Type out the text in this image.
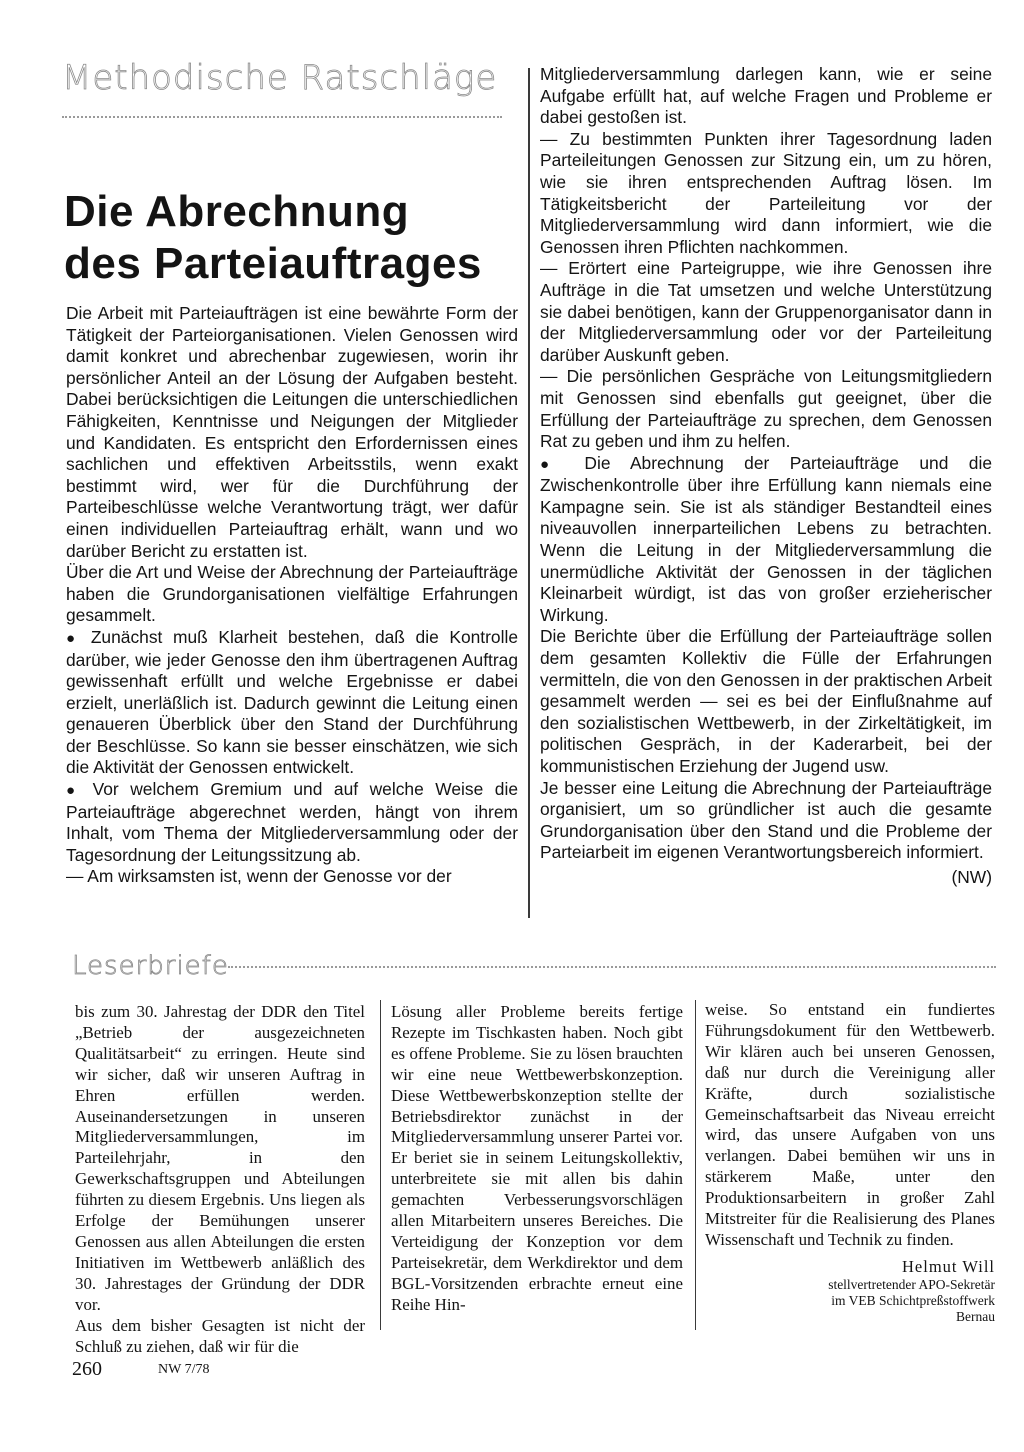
Methodische Ratschläge
Die Abrechnung
des Parteiauftrages

Die Arbeit mit Parteiaufträgen ist eine bewährte Form der Tätigkeit der Parteiorganisationen. Vielen Genossen wird damit konkret und abrechenbar zugewiesen, worin ihr persönlicher Anteil an der Lösung der Aufgaben besteht. Dabei berücksichtigen die Leitungen die unterschiedlichen Fähigkeiten, Kenntnisse und Neigungen der Mitglieder und Kandidaten. Es entspricht den Erfordernissen eines sachlichen und effektiven Arbeitsstils, wenn exakt bestimmt wird, wer für die Durchführung der Parteibeschlüsse welche Verantwortung trägt, wer dafür einen individuellen Parteiauftrag erhält, wann und wo darüber Bericht zu erstatten ist.

Über die Art und Weise der Abrechnung der Parteiaufträge haben die Grundorganisationen vielfältige Erfahrungen gesammelt.

● Zunächst muß Klarheit bestehen, daß die Kontrolle darüber, wie jeder Genosse den ihm übertragenen Auftrag gewissenhaft erfüllt und welche Ergebnisse er dabei erzielt, unerläßlich ist. Dadurch gewinnt die Leitung einen genaueren Überblick über den Stand der Durchführung der Beschlüsse. So kann sie besser einschätzen, wie sich die Aktivität der Genossen entwickelt.

● Vor welchem Gremium und auf welche Weise die Parteiaufträge abgerechnet werden, hängt von ihrem Inhalt, vom Thema der Mitgliederversammlung oder der Tagesordnung der Leitungssitzung ab.

— Am wirksamsten ist, wenn der Genosse vor der

Mitgliederversammlung darlegen kann, wie er seine Aufgabe erfüllt hat, auf welche Fragen und Probleme er dabei gestoßen ist.

— Zu bestimmten Punkten ihrer Tagesordnung laden Parteileitungen Genossen zur Sitzung ein, um zu hören, wie sie ihren entsprechenden Auftrag lösen. Im Tätigkeitsbericht der Parteileitung vor der Mitgliederversammlung wird dann informiert, wie die Genossen ihren Pflichten nachkommen.

— Erörtert eine Parteigruppe, wie ihre Genossen ihre Aufträge in die Tat umsetzen und welche Unterstützung sie dabei benötigen, kann der Gruppenorganisator dann in der Mitgliederversammlung oder vor der Parteileitung darüber Auskunft geben.

— Die persönlichen Gespräche von Leitungsmitgliedern mit Genossen sind ebenfalls gut geeignet, über die Erfüllung der Parteiaufträge zu sprechen, dem Genossen Rat zu geben und ihm zu helfen.

● Die Abrechnung der Parteiaufträge und die Zwischenkontrolle über ihre Erfüllung kann niemals eine Kampagne sein. Sie ist als ständiger Bestandteil eines niveauvollen innerparteilichen Lebens zu betrachten. Wenn die Leitung in der Mitgliederversammlung die unermüdliche Aktivität der Genossen in der täglichen Kleinarbeit würdigt, ist das von großer erzieherischer Wirkung.

Die Berichte über die Erfüllung der Parteiaufträge sollen dem gesamten Kollektiv die Fülle der Erfahrungen vermitteln, die von den Genossen in der praktischen Arbeit gesammelt werden — sei es bei der Einflußnahme auf den sozialistischen Wettbewerb, in der Zirkeltätigkeit, im politischen Gespräch, in der Kaderarbeit, bei der kommunistischen Erziehung der Jugend usw.

Je besser eine Leitung die Abrechnung der Parteiaufträge organisiert, um so gründlicher ist auch die gesamte Grundorganisation über den Stand und die Probleme der Parteiarbeit im eigenen Verantwortungsbereich informiert.

(NW)
Leserbriefe

bis zum 30. Jahrestag der DDR den Titel „Betrieb der ausgezeichneten Qualitätsarbeit“ zu erringen. Heute sind wir sicher, daß wir unseren Auftrag in Ehren erfüllen werden. Auseinandersetzungen in unseren Mitgliederversammlungen, im Parteilehrjahr, in den Gewerkschaftsgruppen und Abteilungen führten zu diesem Ergebnis. Uns liegen als Erfolge der Bemühungen unserer Genossen aus allen Abteilungen die ersten Initiativen im Wettbewerb anläßlich des 30. Jahrestages der Gründung der DDR vor.

Aus dem bisher Gesagten ist nicht der Schluß zu ziehen, daß wir für die

Lösung aller Probleme bereits fertige Rezepte im Tischkasten haben. Noch gibt es offene Probleme. Sie zu lösen brauchten wir eine neue Wettbewerbskonzeption. Diese Wettbewerbskonzeption stellte der Betriebsdirektor zunächst in der Mitgliederversammlung unserer Partei vor. Er beriet sie in seinem Leitungskollektiv, unterbreitete sie mit allen bis dahin gemachten Verbesserungsvorschlägen allen Mitarbeitern unseres Bereiches. Die Verteidigung der Konzeption vor dem Parteisekretär, dem Werkdirektor und dem BGL-Vorsitzenden erbrachte erneut eine Reihe Hin-

weise. So entstand ein fundiertes Führungsdokument für den Wettbewerb. Wir klären auch bei unseren Genossen, daß nur durch die Vereinigung aller Kräfte, durch sozialistische Gemeinschaftsarbeit das Niveau erreicht wird, das unsere Aufgaben von uns verlangen. Dabei bemühen wir uns in stärkerem Maße, unter den Produktionsarbeitern in großer Zahl Mitstreiter für die Realisierung des Planes Wissenschaft und Technik zu finden.

Helmut Will
stellvertretender APO-Sekretär
im VEB Schichtpreßstoffwerk
Bernau
260	NW 7/78
